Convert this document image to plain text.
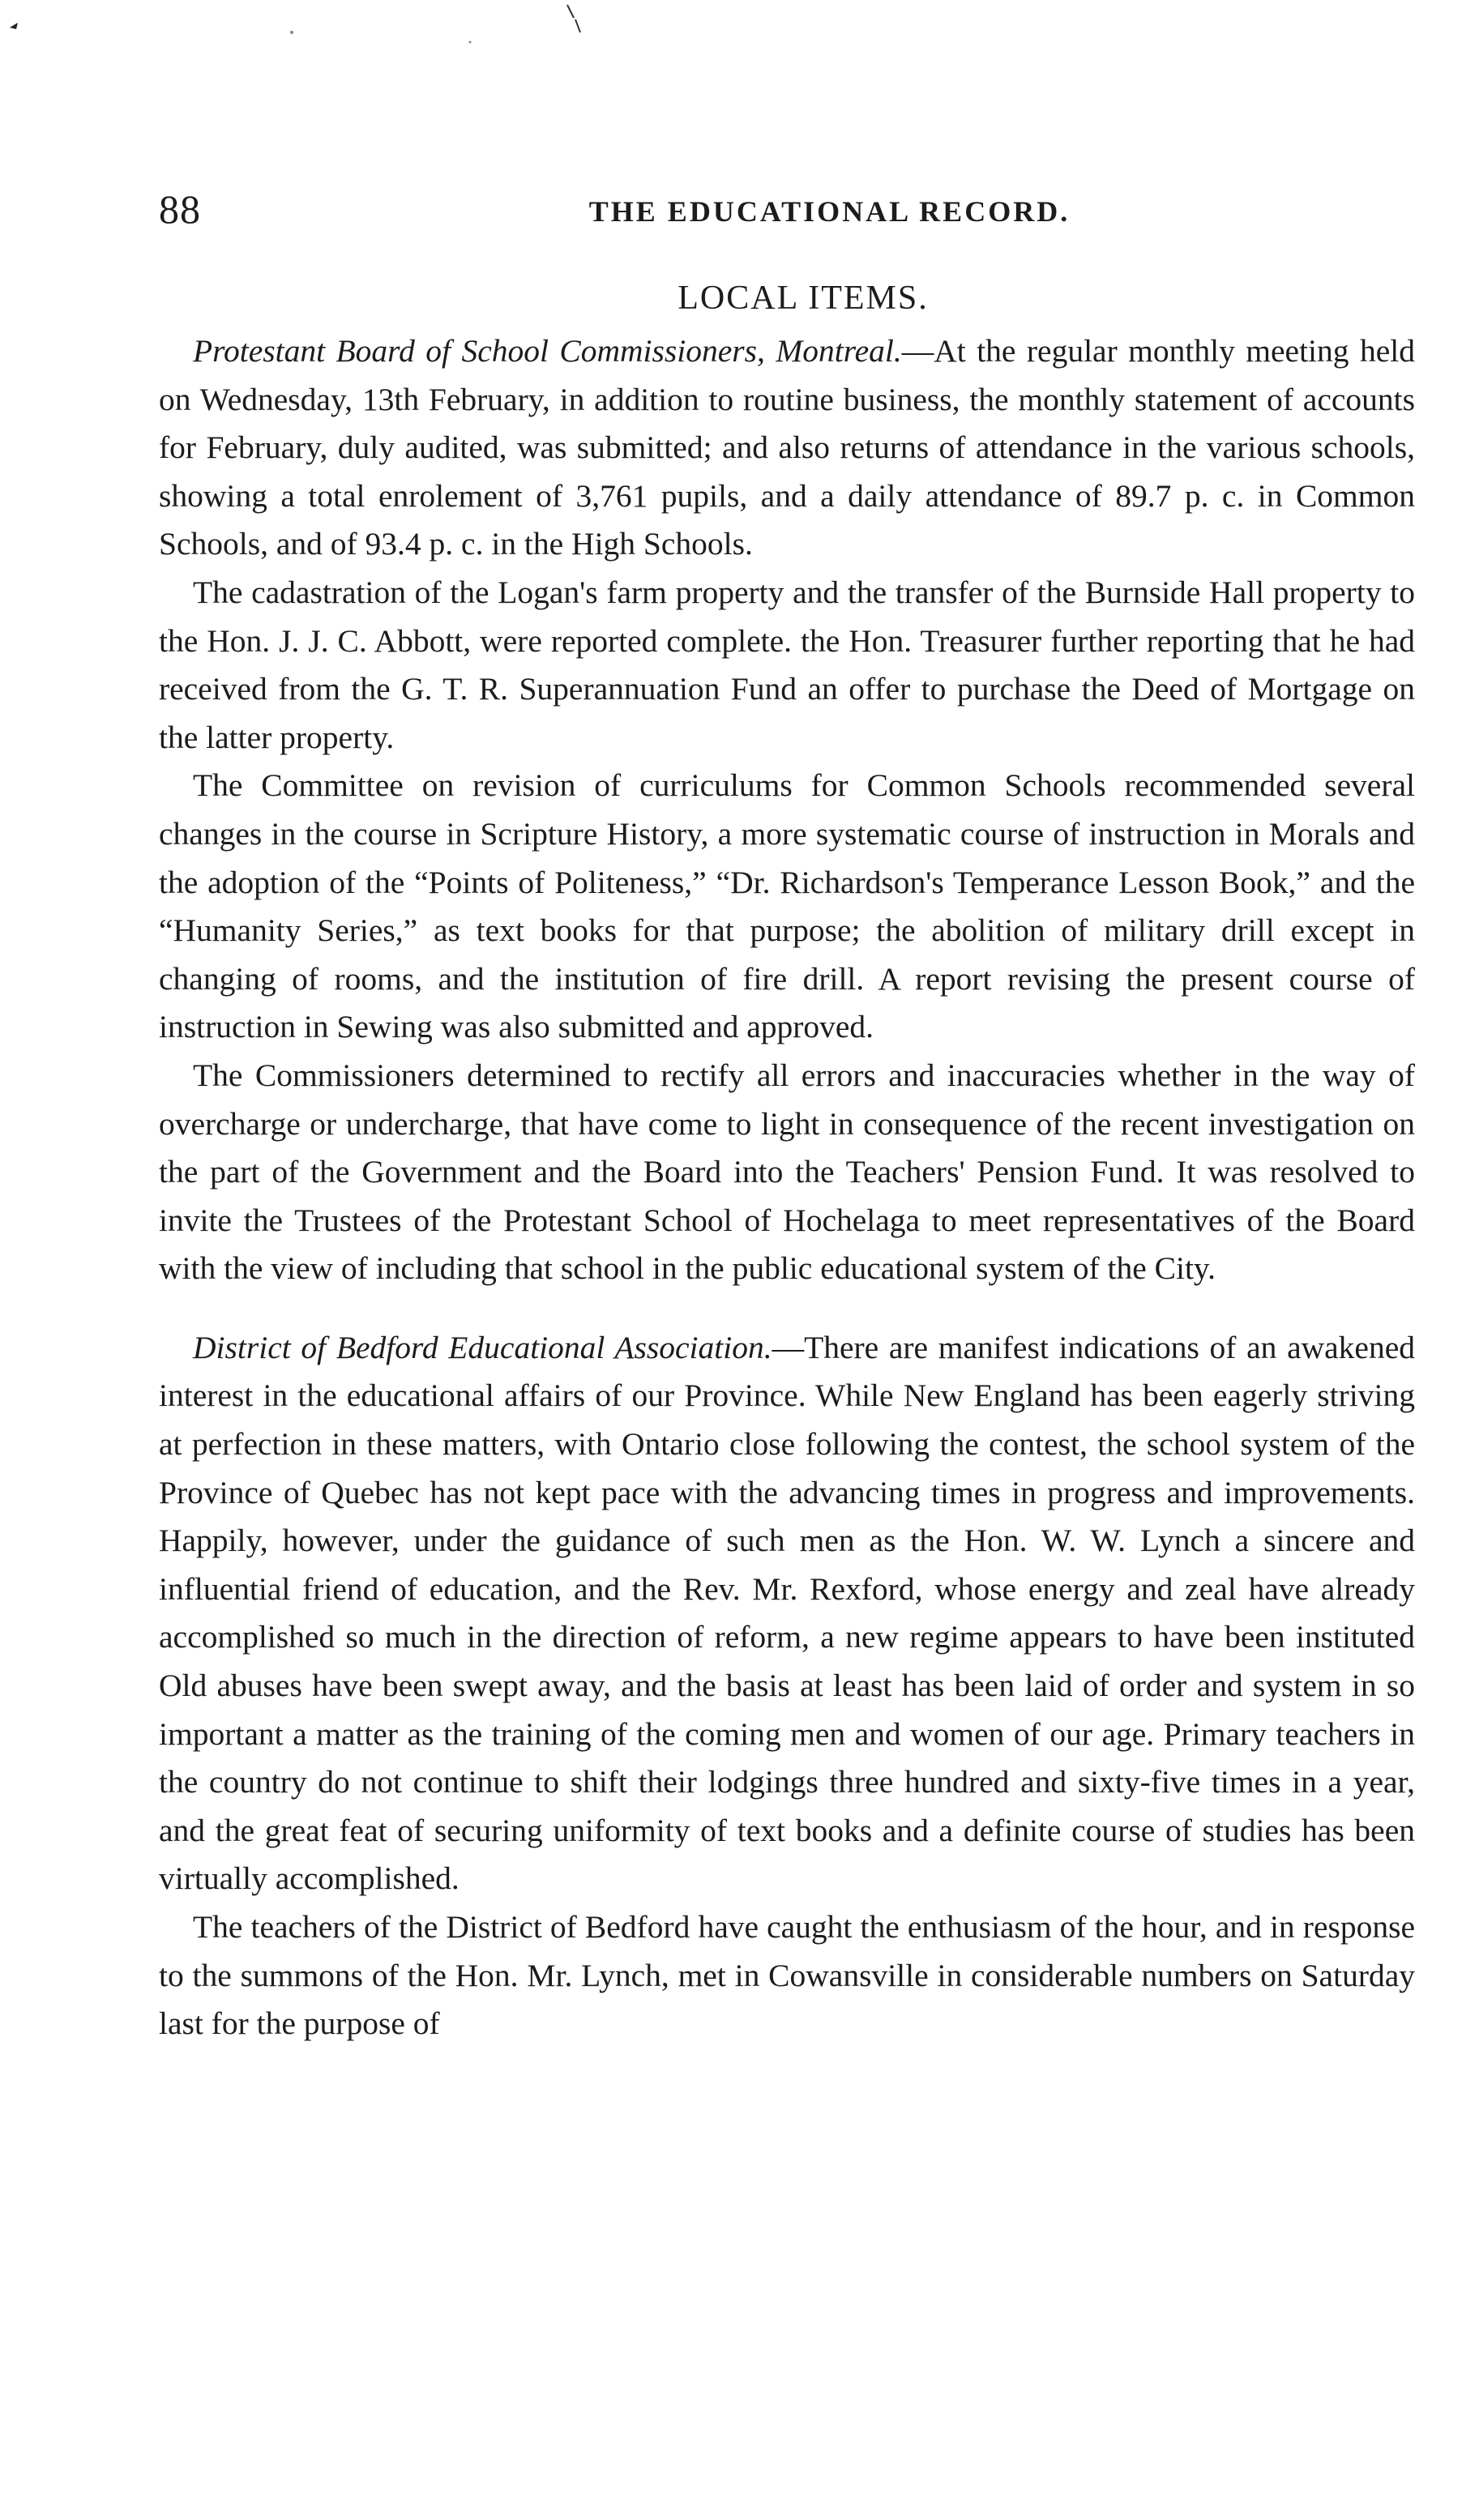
88	THE EDUCATIONAL RECORD.
LOCAL ITEMS.

Protestant Board of School Commissioners, Montreal.—At the regular monthly meeting held on Wednesday, 13th February, in addition to routine business, the monthly statement of accounts for February, duly audited, was submitted; and also returns of attendance in the various schools, showing a total enrolement of 3,761 pupils, and a daily attendance of 89.7 p. c. in Common Schools, and of 93.4 p. c. in the High Schools.

The cadastration of the Logan's farm property and the transfer of the Burnside Hall property to the Hon. J. J. C. Abbott, were reported complete. the Hon. Treasurer further reporting that he had received from the G. T. R. Superannuation Fund an offer to purchase the Deed of Mortgage on the latter property.

The Committee on revision of curriculums for Common Schools recommended several changes in the course in Scripture History, a more systematic course of instruction in Morals and the adoption of the “Points of Politeness,” “Dr. Richardson's Temperance Lesson Book,” and the “Humanity Series,” as text books for that purpose; the abolition of military drill except in changing of rooms, and the institution of fire drill. A report revising the present course of instruction in Sewing was also submitted and approved.

The Commissioners determined to rectify all errors and inaccuracies whether in the way of overcharge or undercharge, that have come to light in consequence of the recent investigation on the part of the Government and the Board into the Teachers' Pension Fund. It was resolved to invite the Trustees of the Protestant School of Hochelaga to meet representatives of the Board with the view of including that school in the public educational system of the City.

District of Bedford Educational Association.—There are manifest indications of an awakened interest in the educational affairs of our Province. While New England has been eagerly striving at perfection in these matters, with Ontario close following the contest, the school system of the Province of Quebec has not kept pace with the advancing times in progress and improvements. Happily, however, under the guidance of such men as the Hon. W. W. Lynch a sincere and influential friend of education, and the Rev. Mr. Rexford, whose energy and zeal have already accomplished so much in the direction of reform, a new regime appears to have been instituted Old abuses have been swept away, and the basis at least has been laid of order and system in so important a matter as the training of the coming men and women of our age. Primary teachers in the country do not continue to shift their lodgings three hundred and sixty-five times in a year, and the great feat of securing uniformity of text books and a definite course of studies has been virtually accomplished.

The teachers of the District of Bedford have caught the enthusiasm of the hour, and in response to the summons of the Hon. Mr. Lynch, met in Cowansville in considerable numbers on Saturday last for the purpose of
